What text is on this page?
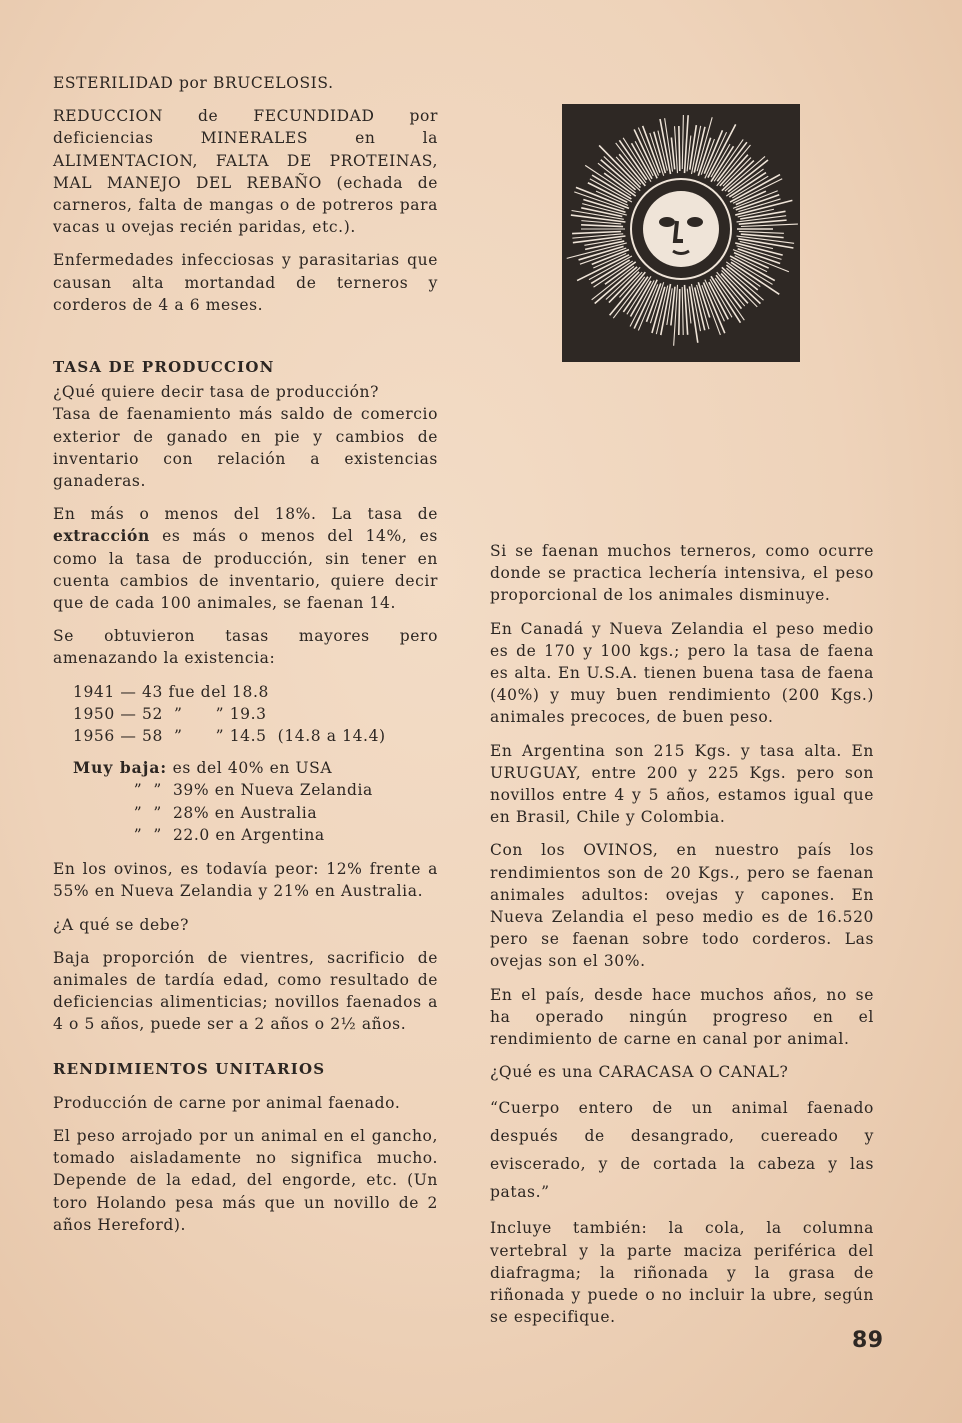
ESTERILIDAD por BRUCELOSIS.

REDUCCION de FECUNDIDAD por deficiencias MINERALES en la ALIMENTACION, FALTA DE PROTEINAS, MAL MANEJO DEL REBAÑO (echada de carneros, falta de mangas o de potreros para vacas u ovejas recién paridas, etc.).

Enfermedades infecciosas y parasitarias que causan alta mortandad de terneros y corderos de 4 a 6 meses.

TASA DE PRODUCCION

¿Qué quiere decir tasa de producción?

Tasa de faenamiento más saldo de comercio exterior de ganado en pie y cambios de inventario con relación a existencias ganaderas.

En más o menos del 18%. La tasa de extracción es más o menos del 14%, es como la tasa de producción, sin tener en cuenta cambios de inventario, quiere decir que de cada 100 animales, se faenan 14.

Se obtuvieron tasas mayores pero amenazando la existencia:

1941 — 43 fue del 18.8
1950 — 52  ”      ” 19.3
1956 — 58  ”      ” 14.5  (14.8 a 14.4)
Muy baja: es del 40% en USA
”  ”  39% en Nueva Zelandia
”  ”  28% en Australia
”  ”  22.0 en Argentina

En los ovinos, es todavía peor: 12% frente a 55% en Nueva Zelandia y 21% en Australia.

¿A qué se debe?

Baja proporción de vientres, sacrificio de animales de tardía edad, como resultado de deficiencias alimenticias; novillos faenados a 4 o 5 años, puede ser a 2 años o 2½ años.

RENDIMIENTOS UNITARIOS

Producción de carne por animal faenado.

El peso arrojado por un animal en el gancho, tomado aisladamente no significa mucho. Depende de la edad, del engorde, etc. (Un toro Holando pesa más que un novillo de 2 años Hereford).

Si se faenan muchos terneros, como ocurre donde se practica lechería intensiva, el peso proporcional de los animales disminuye.

En Canadá y Nueva Zelandia el peso medio es de 170 y 100 kgs.; pero la tasa de faena es alta. En U.S.A. tienen buena tasa de faena (40%) y muy buen rendimiento (200 Kgs.) animales precoces, de buen peso.

En Argentina son 215 Kgs. y tasa alta. En URUGUAY, entre 200 y 225 Kgs. pero son novillos entre 4 y 5 años, estamos igual que en Brasil, Chile y Colombia.

Con los OVINOS, en nuestro país los rendimientos son de 20 Kgs., pero se faenan animales adultos: ovejas y capones. En Nueva Zelandia el peso medio es de 16.520 pero se faenan sobre todo corderos. Las ovejas son el 30%.

En el país, desde hace muchos años, no se ha operado ningún progreso en el rendimiento de carne en canal por animal.

¿Qué es una CARACASA O CANAL?

“Cuerpo entero de un animal faenado después de desangrado, cuereado y eviscerado, y de cortada la cabeza y las patas.”

Incluye también: la cola, la columna vertebral y la parte maciza periférica del diafragma; la riñonada y la grasa de riñonada y puede o no incluir la ubre, según se especifique.

89
